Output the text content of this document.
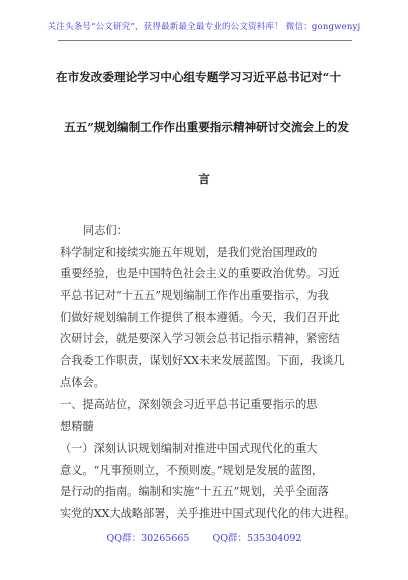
关注头条号“公文研究”，获得最新最全最专业的公文资料库！ 微信：gongwenyj
在市发改委理论学习中心组专题学习习近平总书记对“十
五五”规划编制工作作出重要指示精神研讨交流会上的发
言
同志们：
科学制定和接续实施五年规划，是我们党治国理政的
重要经验，也是中国特色社会主义的重要政治优势。习近
平总书记对“十五五”规划编制工作作出重要指示，为我
们做好规划编制工作提供了根本遵循。今天，我们召开此
次研讨会，就是要深入学习领会总书记指示精神，紧密结
合我委工作职责，谋划好XX未来发展蓝图。下面，我谈几
点体会。
一、提高站位，深刻领会习近平总书记重要指示的思
想精髓
（一）深刻认识规划编制对推进中国式现代化的重大
意义。“凡事预则立，不预则废。”规划是发展的蓝图，
是行动的指南。编制和实施“十五五”规划，关乎全面落
实党的XX大战略部署，关乎推进中国式现代化的伟大进程。
QQ群：30265665 QQ群：535304092
